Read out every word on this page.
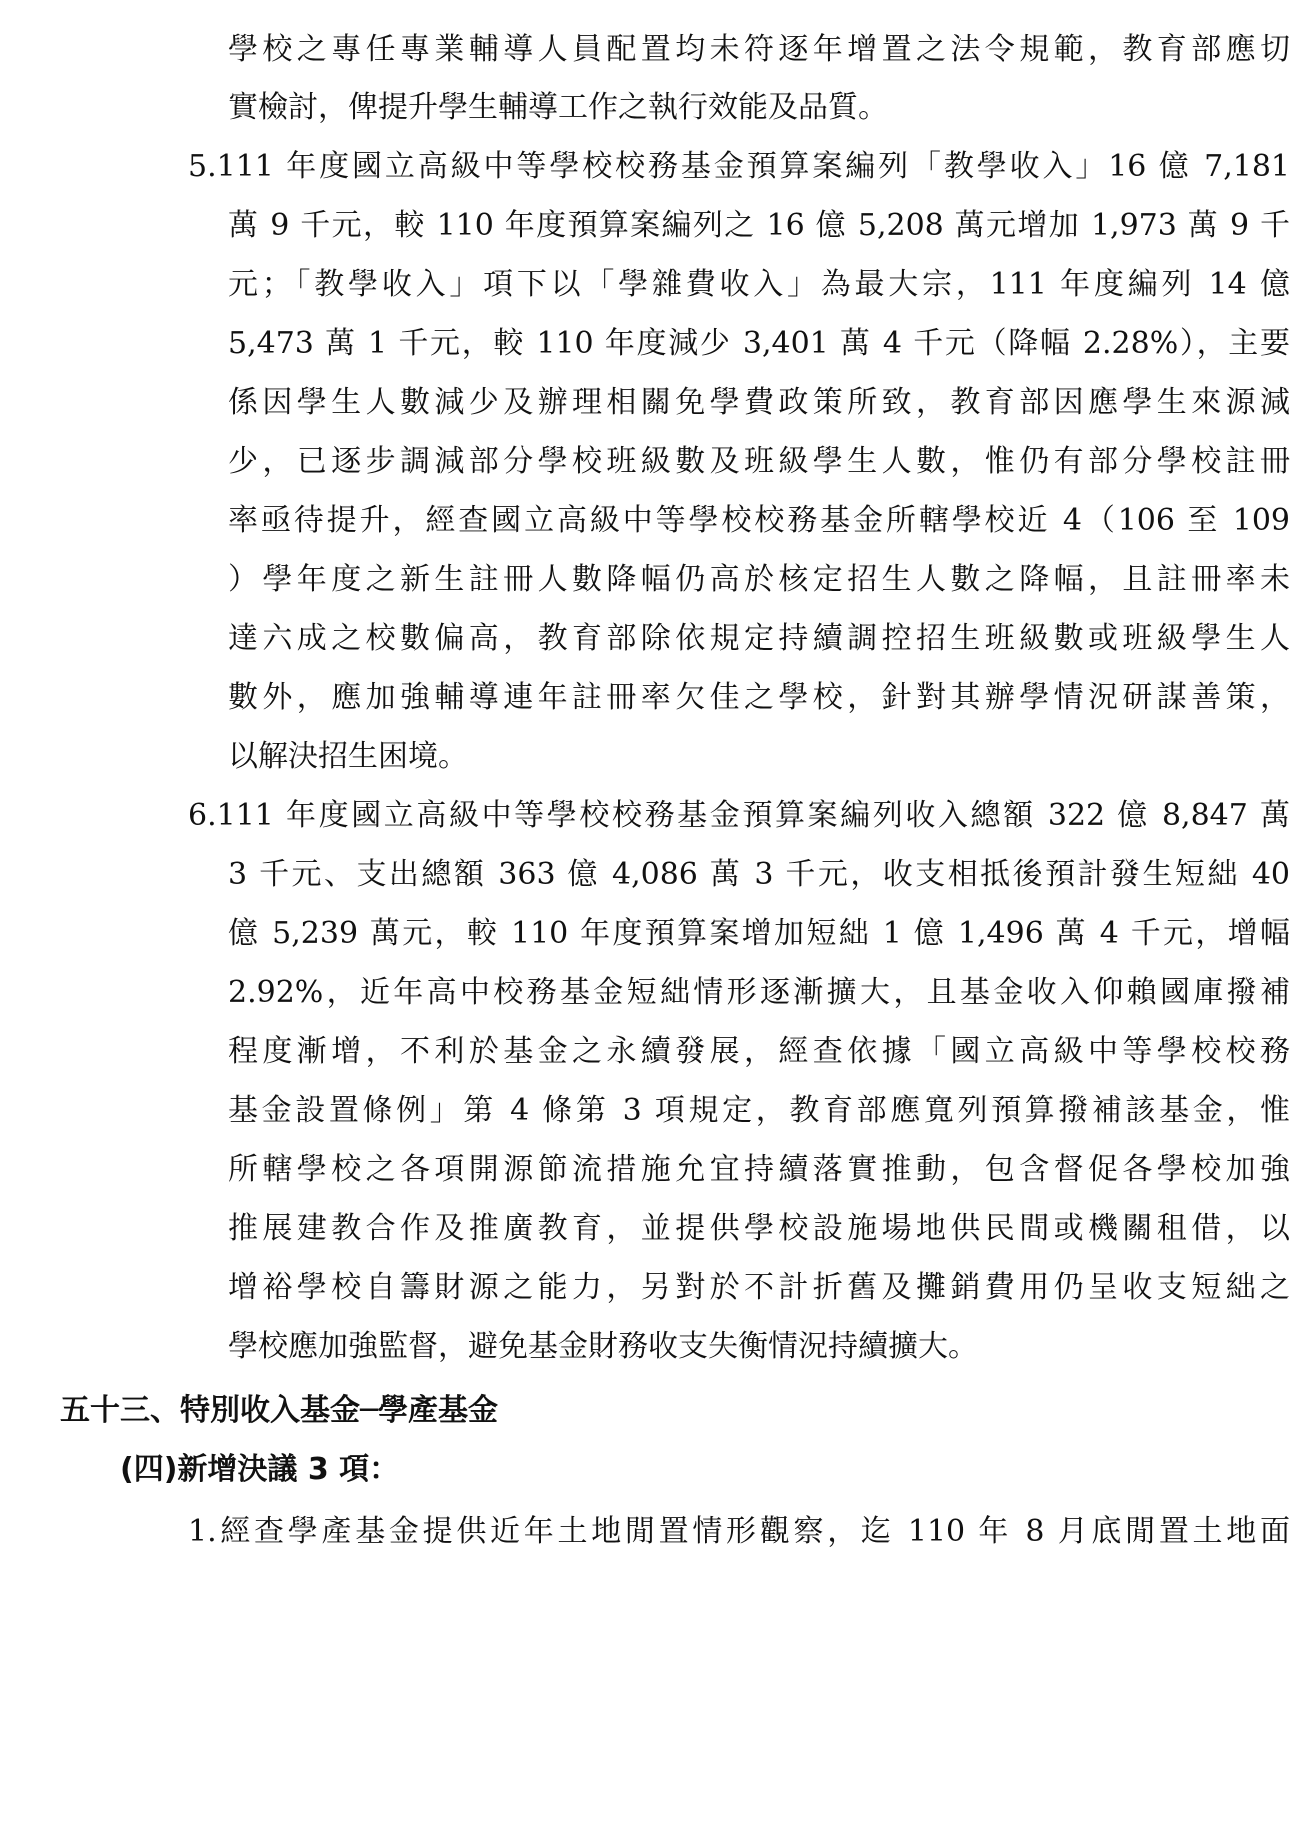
學校之專任專業輔導人員配置均未符逐年增置之法令規範，教育部應切
實檢討，俾提升學生輔導工作之執行效能及品質。
5.111 年度國立高級中等學校校務基金預算案編列「教學收入」16 億 7,181
萬 9 千元，較 110 年度預算案編列之 16 億 5,208 萬元增加 1,973 萬 9 千
元；「教學收入」項下以「學雜費收入」為最大宗，111 年度編列 14 億
5,473 萬 1 千元，較 110 年度減少 3,401 萬 4 千元（降幅 2.28%），主要
係因學生人數減少及辦理相關免學費政策所致，教育部因應學生來源減
少，已逐步調減部分學校班級數及班級學生人數，惟仍有部分學校註冊
率亟待提升，經查國立高級中等學校校務基金所轄學校近 4（106 至 109
）學年度之新生註冊人數降幅仍高於核定招生人數之降幅，且註冊率未
達六成之校數偏高，教育部除依規定持續調控招生班級數或班級學生人
數外，應加強輔導連年註冊率欠佳之學校，針對其辦學情況研謀善策，
以解決招生困境。
6.111 年度國立高級中等學校校務基金預算案編列收入總額 322 億 8,847 萬
3 千元、支出總額 363 億 4,086 萬 3 千元，收支相抵後預計發生短絀 40
億 5,239 萬元，較 110 年度預算案增加短絀 1 億 1,496 萬 4 千元，增幅
2.92%，近年高中校務基金短絀情形逐漸擴大，且基金收入仰賴國庫撥補
程度漸增，不利於基金之永續發展，經查依據「國立高級中等學校校務
基金設置條例」第 4 條第 3 項規定，教育部應寬列預算撥補該基金，惟
所轄學校之各項開源節流措施允宜持續落實推動，包含督促各學校加強
推展建教合作及推廣教育，並提供學校設施場地供民間或機關租借，以
增裕學校自籌財源之能力，另對於不計折舊及攤銷費用仍呈收支短絀之
學校應加強監督，避免基金財務收支失衡情況持續擴大。
五十三、特別收入基金─學產基金
(四)新增決議 3 項：
1.經查學產基金提供近年土地閒置情形觀察，迄 110 年 8 月底閒置土地面
